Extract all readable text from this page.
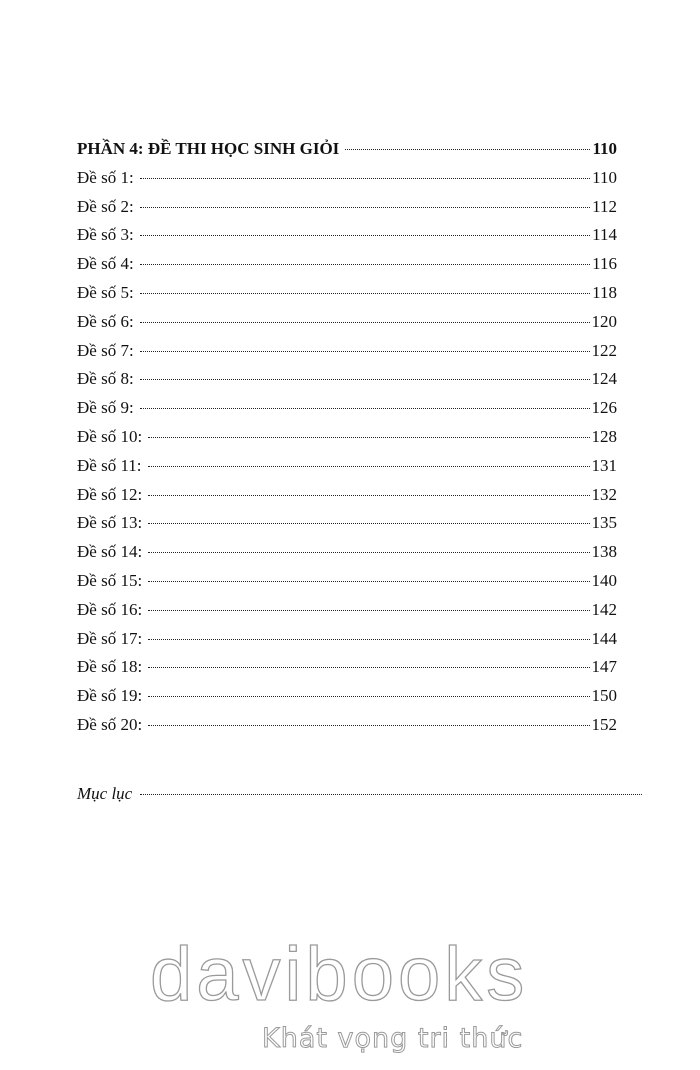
PHẦN 4: ĐỀ THI HỌC SINH GIỎI	110
Đề số 1:	110
Đề số 2:	112
Đề số 3:	114
Đề số 4:	116
Đề số 5:	118
Đề số 6:	120
Đề số 7:	122
Đề số 8:	124
Đề số 9:	126
Đề số 10:	128
Đề số 11:	131
Đề số 12:	132
Đề số 13:	135
Đề số 14:	138
Đề số 15:	140
Đề số 16:	142
Đề số 17:	144
Đề số 18:	147
Đề số 19:	150
Đề số 20:	152
Mục lục
davibooks
Khát vọng tri thức
